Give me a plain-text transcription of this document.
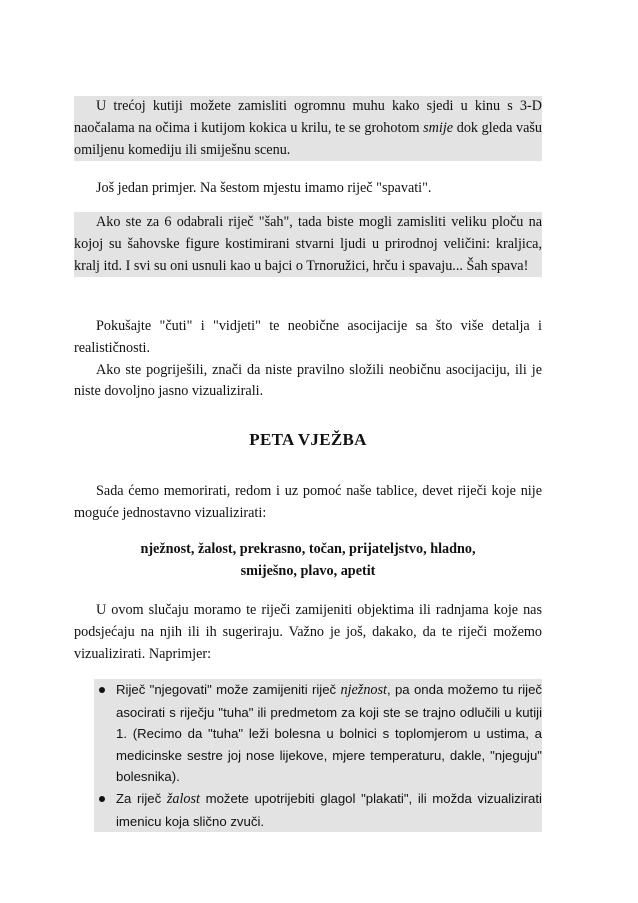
U trećoj kutiji možete zamisliti ogromnu muhu kako sjedi u kinu s 3-D naočalama na očima i kutijom kokica u krilu, te se grohotom smije dok gleda vašu omiljenu komediju ili smiješnu scenu.

Još jedan primjer. Na šestom mjestu imamo riječ "spavati".

Ako ste za 6 odabrali riječ "šah", tada biste mogli zamisliti veliku ploču na kojoj su šahovske figure kostimirani stvarni ljudi u prirodnoj veličini: kraljica, kralj itd. I svi su oni usnuli kao u bajci o Trnoružici, hrču i spavaju... Šah spava!

Pokušajte "čuti" i "vidjeti" te neobične asocijacije sa što više detalja i realističnosti.

Ako ste pogriješili, znači da niste pravilno složili neobičnu asocijaciju, ili je niste dovoljno jasno vizualizirali.

PETA VJEŽBA

Sada ćemo memorirati, redom i uz pomoć naše tablice, devet riječi koje nije moguće jednostavno vizualizirati:

nježnost, žalost, prekrasno, točan, prijateljstvo, hladno,
smiješno, plavo, apetit

U ovom slučaju moramo te riječi zamijeniti objektima ili radnjama koje nas podsjećaju na njih ili ih sugeriraju. Važno je još, dakako, da te riječi možemo vizualizirati. Naprimjer:

Riječ "njegovati" može zamijeniti riječ nježnost, pa onda možemo tu riječ asocirati s riječju "tuha" ili predmetom za koji ste se trajno odlučili u kutiji 1. (Recimo da "tuha" leži bolesna u bolnici s toplomjerom u ustima, a medicinske sestre joj nose lijekove, mjere temperaturu, dakle, "njeguju" bolesnika).
Za riječ žalost možete upotrijebiti glagol "plakati", ili možda vizualizirati imenicu koja slično zvuči.
